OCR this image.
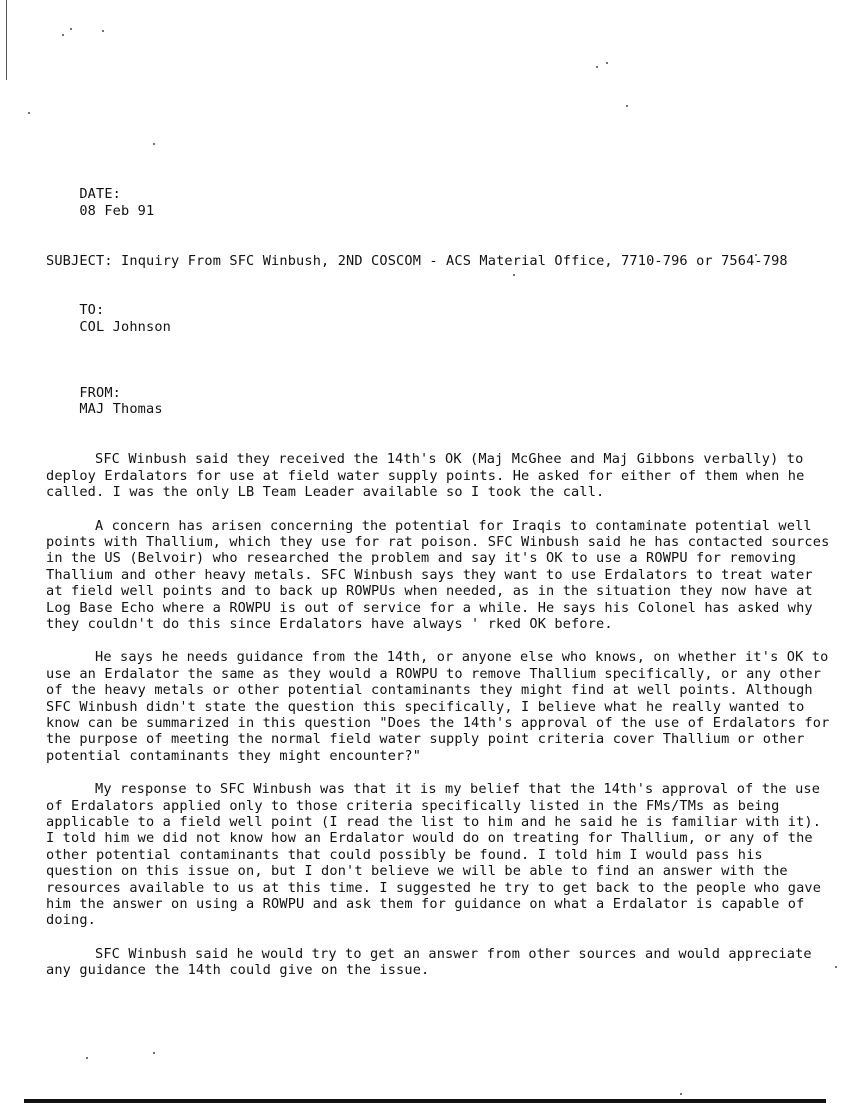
DATE:
08 Feb 91

SUBJECT: Inquiry From SFC Winbush, 2ND COSCOM - ACS Material Office, 7710-796 or 7564-798

TO:
COL Johnson

FROM:
MAJ Thomas

SFC Winbush said they received the 14th's OK (Maj McGhee and Maj Gibbons verbally) to deploy Erdalators for use at field water supply points. He asked for either of them when he called. I was the only LB Team Leader available so I took the call.

A concern has arisen concerning the potential for Iraqis to contaminate potential well points with Thallium, which they use for rat poison. SFC Winbush said he has contacted sources in the US (Belvoir) who researched the problem and say it's OK to use a ROWPU for removing Thallium and other heavy metals. SFC Winbush says they want to use Erdalators to treat water at field well points and to back up ROWPUs when needed, as in the situation they now have at Log Base Echo where a ROWPU is out of service for a while. He says his Colonel has asked why they couldn't do this since Erdalators have always ' rked OK before.

He says he needs guidance from the 14th, or anyone else who knows, on whether it's OK to use an Erdalator the same as they would a ROWPU to remove Thallium specifically, or any other of the heavy metals or other potential contaminants they might find at well points. Although SFC Winbush didn't state the question this specifically, I believe what he really wanted to know can be summarized in this question "Does the 14th's approval of the use of Erdalators for the purpose of meeting the normal field water supply point criteria cover Thallium or other potential contaminants they might encounter?"

My response to SFC Winbush was that it is my belief that the 14th's approval of the use of Erdalators applied only to those criteria specifically listed in the FMs/TMs as being applicable to a field well point (I read the list to him and he said he is familiar with it). I told him we did not know how an Erdalator would do on treating for Thallium, or any of the other potential contaminants that could possibly be found. I told him I would pass his question on this issue on, but I don't believe we will be able to find an answer with the resources available to us at this time. I suggested he try to get back to the people who gave him the answer on using a ROWPU and ask them for guidance on what a Erdalator is capable of doing.

SFC Winbush said he would try to get an answer from other sources and would appreciate any guidance the 14th could give on the issue.
